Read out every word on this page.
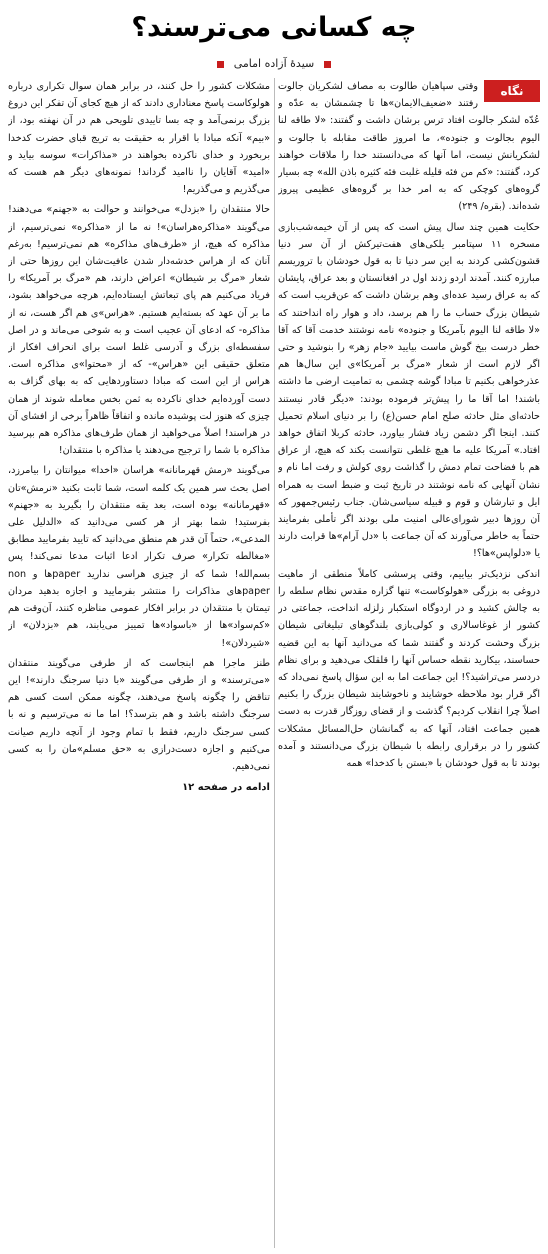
چه کسانی می‌ترسند؟
سیدهٔ آزاده امامی
نگاه

وقتی سپاهیان طالوت به مصاف لشکریان جالوت رفتند «ضعیف‌الایمان»ها تا چشمشان به عدّه و عُدّه لشکر جالوت افتاد ترس برشان داشت و گفتند: «لا طاقه لنا الیوم بجالوت و جنوده»، ما امروز طاقت مقابله با جالوت و لشکریانش نیست، اما آنها که می‌دانستند خدا را ملاقات خواهند کرد، گفتند: «کم من فئه قلیله غلبت فئه کثیره باذن الله» چه بسیار گروه‌های کوچکی که به امر خدا بر گروه‌های عظیمی پیروز شده‌اند. (بقره/ ۲۴۹)

حکایت همین چند سال پیش است که پس از آن خیمه‌شب‌بازی مسخره ۱۱ سپتامبر یلکی‌های هفت‌تیرکش از آن سر دنیا قشون‌کشی کردند به این سر دنیا تا به قول خودشان با تروریسم مبارزه کنند. آمدند اردو زدند اول در افغانستان و بعد عراق، پایشان که به عراق رسید عده‌ای وهم برشان داشت که عن‌قریب است که شیطان بزرگ حساب ما را هم برسد، داد و هوار راه انداختند که «لا طاقه لنا الیوم بآمریکا و جنوده» نامه نوشتند خدمت آقا که آقا خطر درست بیخ گوش ماست بیایید «جام زهر» را بنوشید و حتی اگر لازم است از شعار «مرگ بر آمریکا»ی این سال‌ها هم عذرخواهی بکنیم تا مبادا گوشه چشمی به تمامیت ارضی ما داشته باشند! اما آقا ما را پیش‌تر فرموده بودند: «دیگر قادر نیستند حادثه‌ای مثل حادثه صلح امام حسن(ع) را بر دنیای اسلام تحمیل کنند. اینجا اگر دشمن زیاد فشار بیاورد، حادثه کربلا اتفاق خواهد افتاد.» آمریکا علیه ما هیچ غلطی نتوانست بکند که هیچ، از عراق هم با فضاحت تمام دمش را گذاشت روی کولش و رفت اما نام و نشان آنهایی که نامه نوشتند در تاریخ ثبت و ضبط است به همراه ایل و تبارشان و قوم و قبیله سیاسی‌شان. جناب رئیس‌جمهور که آن روزها دبیر شورای‌عالی امنیت ملی بودند اگر تأملی بفرمایند حتماً به خاطر می‌آورند که آن جماعت با «دل آرام»ها قرابت دارند یا «دلواپس»ها؟!

اندکی نزدیک‌تر بیاییم، وقتی پرسشی کاملاً منطقی از ماهیت دروغی به بزرگی «هولوکاست» تنها گزاره مقدس نظام سلطه را به چالش کشید و در اردوگاه استکبار زلزله انداخت، جماعتی در کشور از غوغاسالاری و کولی‌بازی بلندگوهای تبلیغاتی شیطان بزرگ وحشت کردند و گفتند شما که می‌دانید آنها به این قضیه حساسند، بیکارید نقطه حساس آنها را قلقلک می‌دهید و برای نظام دردسر می‌تراشید؟! این جماعت اما به این سؤال پاسخ نمی‌داد که اگر قرار بود ملاحظه خوشایند و ناخوشایند شیطان بزرگ را بکنیم اصلاً چرا انقلاب کردیم؟ گذشت و از قضای روزگار قدرت به دست همین جماعت افتاد، آنها که به گمانشان حل‌المسائل مشکلات کشور را در برقراری رابطه با شیطان بزرگ می‌دانستند و آمده بودند تا به قول خودشان با «بستن با کدخدا» همه

مشکلات کشور را حل کنند، در برابر همان سوال تکراری درباره هولوکاست پاسخ معناداری دادند که از هیچ کجای آن تفکر این دروغ بزرگ برنمی‌آمد و چه بسا تاییدی تلویحی هم در آن نهفته بود، از «بیم» آنکه مبادا با اقرار به حقیقت به تریج قبای حضرت کدخدا بربخورد و خدای ناکرده بخواهند در «مذاکرات» سوسه بیاید و «امید» آقایان را ناامید گرداند! نمونه‌های دیگر هم هست که می‌گذریم و می‌گذریم!

حالا منتقدان را «بزدل» می‌خوانند و حوالت به «جهنم» می‌دهند! می‌گویند «مذاکره‌هراسان»! نه ما از «مذاکره» نمی‌ترسیم، از مذاکره که هیچ، از «طرف‌های مذاکره» هم نمی‌ترسیم! به‌رغم آنان که از هراس خدشه‌دار شدن عافیت‌شان این روزها حتی از شعار «مرگ بر شیطان» اعراض دارند، هم «مرگ بر آمریکا» را فریاد می‌کنیم هم پای تبعاتش ایستاده‌ایم، هرچه می‌خواهد بشود، ما بر آن عهد که بسته‌ایم هستیم. «هراس»ی هم اگر هست، نه از مذاکره- که ادعای آن عجیب است و به شوخی می‌ماند و در اصل سفسطه‌ای بزرگ و آدرسی غلط است برای انحراف افکار از متعلق حقیقی این «هراس»- که از «محتوا»ی مذاکره است. هراس از این است که مبادا دستاوردهایی که به بهای گزاف به دست آورده‌ایم خدای ناکرده به ثمن بخس معامله شوند از همان چیزی که هنوز لت پوشیده مانده و اتفاقاً ظاهراً برخی از افشای آن در هراسند! اصلاً می‌خواهید از همان طرف‌های مذاکره هم بپرسید مذاکره با شما را ترجیح می‌دهند یا مذاکره با منتقدان!

می‌گویند «رمش قهرمانانه» هراسان «اخدا» میوانتان را بیامرزد، اصل بحث سر همین یک کلمه است، شما ثابت بکنید «نرمش»تان «قهرمانانه» بوده است، بعد یقه منتقدان را بگیرید به «جهنم» بفرستید! شما بهتر از هر کسی می‌دانید که «الدلیل علی المدعی»، حتماً آن قدر هم منطق می‌دانید که تایید بفرمایید مطابق «مغالطه تکرار» صرف تکرار ادعا اثبات مدعا نمی‌کند! پس بسم‌الله! شما که از چیزی هراسی ندارید paperها و non paperهای مذاکرات را منتشر بفرمایید و اجازه بدهید مردان تیمتان با منتقدان در برابر افکار عمومی مناظره کنند، آن‌وقت هم «کم‌سواد»ها از «باسواد»ها تمییز می‌یابند، هم «بزدلان» از «شیردلان»!

طنز ماجرا هم اینجاست که از طرفی می‌گویند منتقدان «می‌ترسند» و از طرفی می‌گویند «با دنیا سرجنگ دارند»! این تناقض را چگونه پاسخ می‌دهند، چگونه ممکن است کسی هم سرجنگ داشته باشد و هم بترسد؟! اما ما نه می‌ترسیم و نه با کسی سرجنگ داریم، فقط با تمام وجود از آنچه داریم صیانت می‌کنیم و اجازه دست‌درازی به «حق مسلم»مان را به کسی نمی‌دهیم.

ادامه در صفحه ۱۲
